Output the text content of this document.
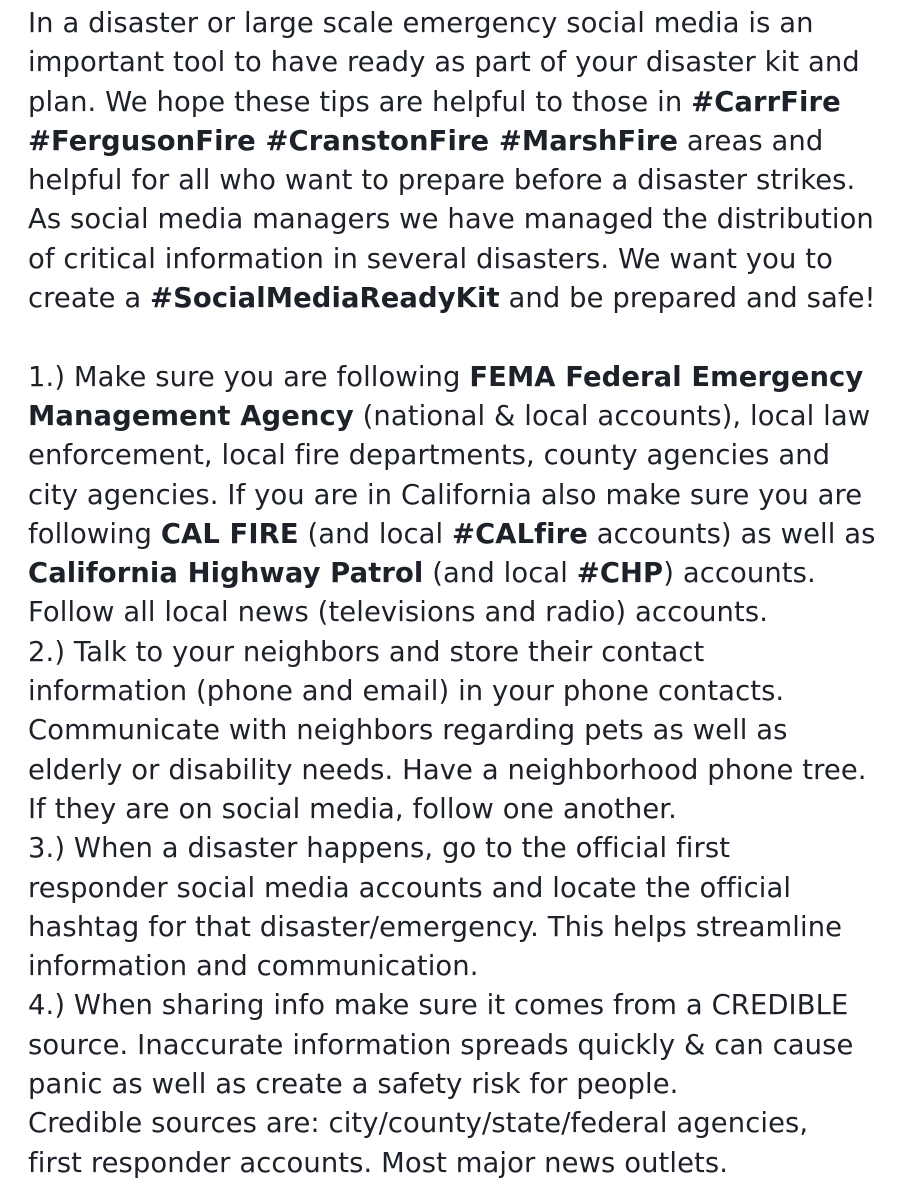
In a disaster or large scale emergency social media is an
important tool to have ready as part of your disaster kit and
plan. We hope these tips are helpful to those in #CarrFire
#FergusonFire #CranstonFire #MarshFire areas and
helpful for all who want to prepare before a disaster strikes.
As social media managers we have managed the distribution
of critical information in several disasters. We want you to
create a #SocialMediaReadyKit and be prepared and safe!
1.) Make sure you are following FEMA Federal Emergency
Management Agency (national & local accounts), local law
enforcement, local fire departments, county agencies and
city agencies. If you are in California also make sure you are
following CAL FIRE (and local #CALfire accounts) as well as
California Highway Patrol (and local #CHP) accounts.
Follow all local news (televisions and radio) accounts.
2.) Talk to your neighbors and store their contact
information (phone and email) in your phone contacts.
Communicate with neighbors regarding pets as well as
elderly or disability needs. Have a neighborhood phone tree.
If they are on social media, follow one another.
3.) When a disaster happens, go to the official first
responder social media accounts and locate the official
hashtag for that disaster/emergency. This helps streamline
information and communication.
4.) When sharing info make sure it comes from a CREDIBLE
source. Inaccurate information spreads quickly & can cause
panic as well as create a safety risk for people.
Credible sources are: city/county/state/federal agencies,
first responder accounts. Most major news outlets.
